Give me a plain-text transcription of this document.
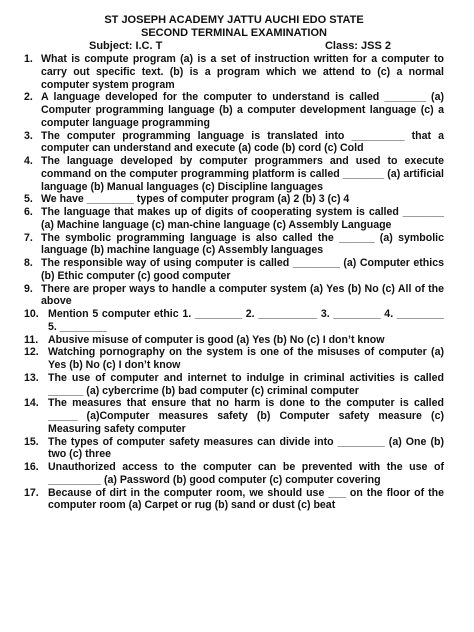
ST JOSEPH ACADEMY JATTU AUCHI EDO STATE
SECOND TERMINAL EXAMINATION
Subject: I.C. T	Class: JSS 2
1. What is compute program (a) is a set of instruction written for a computer to carry out specific text. (b) is a program which we attend to (c) a normal computer system program
2. A language developed for the computer to understand is called _______ (a) Computer programming language (b) a computer development language (c) a computer language programming
3. The computer programming language is translated into _________ that a computer can understand and execute (a) code (b) cord (c) Cold
4. The language developed by computer programmers and used to execute command on the computer programming platform is called _______ (a) artificial language (b) Manual languages (c) Discipline languages
5. We have ________ types of computer program (a) 2 (b) 3 (c) 4
6. The language that makes up of digits of cooperating system is called _______ (a) Machine language (c) man-chine language (c) Assembly Language
7. The symbolic programming language is also called the ______ (a) symbolic language (b) machine language (c) Assembly languages
8. The responsible way of using computer is called ________ (a) Computer ethics (b) Ethic computer (c) good computer
9. There are proper ways to handle a computer system (a) Yes (b) No (c) All of the above
10. Mention 5 computer ethic 1. ________ 2. __________ 3. ________ 4. ________ 5. ________
11. Abusive misuse of computer is good (a) Yes (b) No (c) I don’t know
12. Watching pornography on the system is one of the misuses of computer (a) Yes (b) No (c) I don’t know
13. The use of computer and internet to indulge in criminal activities is called ______ (a) cybercrime (b) bad computer (c) criminal computer
14. The measures that ensure that no harm is done to the computer is called _____ (a)Computer measures safety (b) Computer safety measure (c) Measuring safety computer
15. The types of computer safety measures can divide into ________ (a) One (b) two (c) three
16. Unauthorized access to the computer can be prevented with the use of _________ (a) Password (b) good computer (c) computer covering
17. Because of dirt in the computer room, we should use ___ on the floor of the computer room (a) Carpet or rug (b) sand or dust (c) beat
